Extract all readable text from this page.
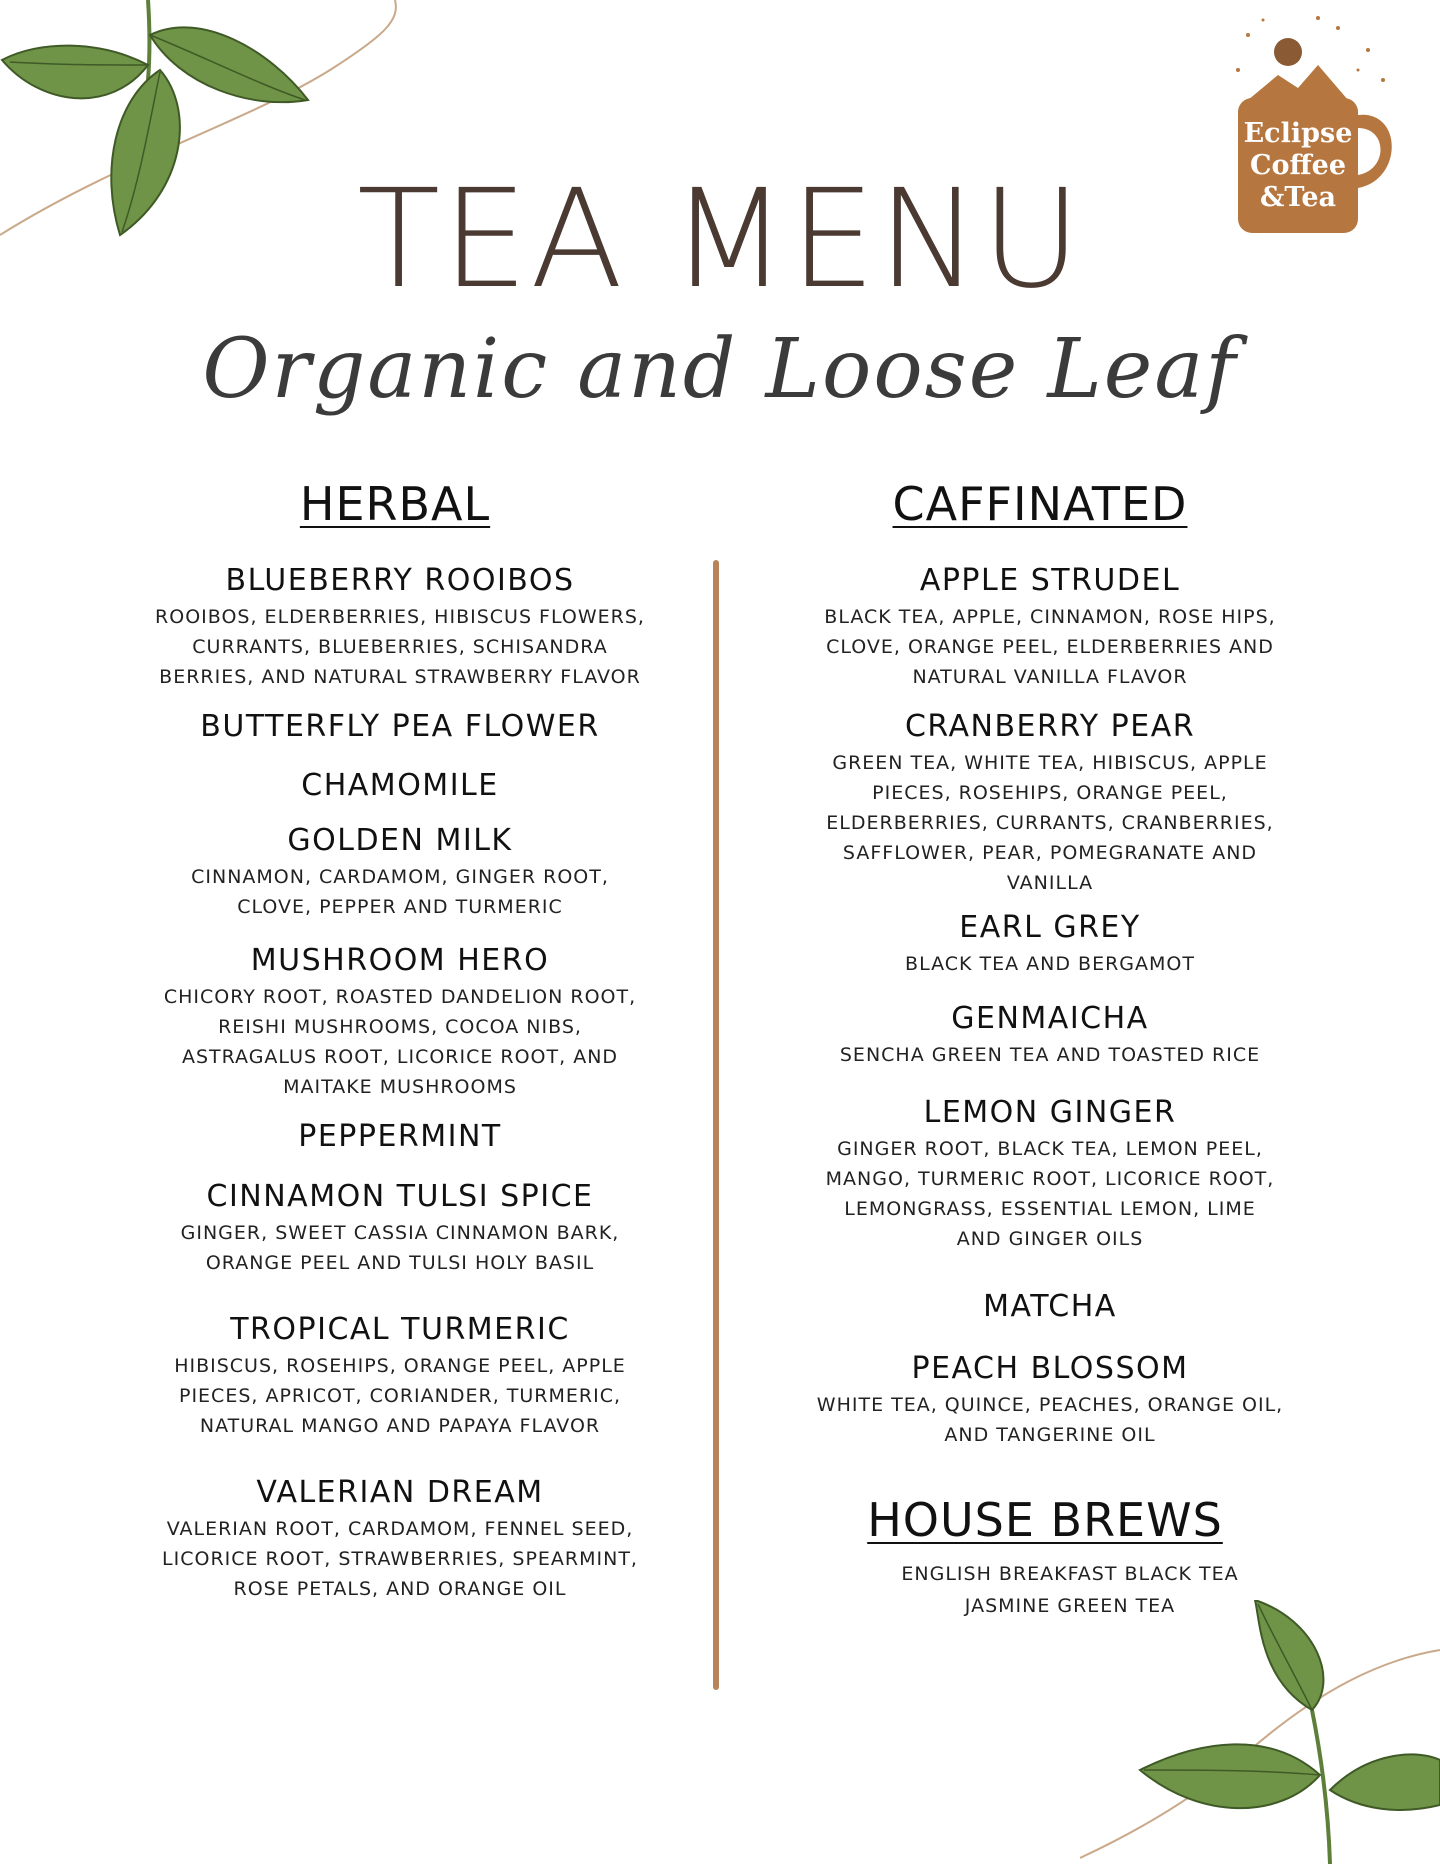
Eclipse
Coffee
&Tea
TEA MENU
Organic and Loose Leaf
HERBAL	CAFFINATED
BLUEBERRY ROOIBOS
ROOIBOS, ELDERBERRIES, HIBISCUS FLOWERS,
CURRANTS, BLUEBERRIES, SCHISANDRA
BERRIES, AND NATURAL STRAWBERRY FLAVOR
BUTTERFLY PEA FLOWER
CHAMOMILE
GOLDEN MILK
CINNAMON, CARDAMOM, GINGER ROOT,
CLOVE, PEPPER AND TURMERIC
MUSHROOM HERO
CHICORY ROOT, ROASTED DANDELION ROOT,
REISHI MUSHROOMS, COCOA NIBS,
ASTRAGALUS ROOT, LICORICE ROOT, AND
MAITAKE MUSHROOMS
PEPPERMINT
CINNAMON TULSI SPICE
GINGER, SWEET CASSIA CINNAMON BARK,
ORANGE PEEL AND TULSI HOLY BASIL
TROPICAL TURMERIC
HIBISCUS, ROSEHIPS, ORANGE PEEL, APPLE
PIECES, APRICOT, CORIANDER, TURMERIC,
NATURAL MANGO AND PAPAYA FLAVOR
VALERIAN DREAM
VALERIAN ROOT, CARDAMOM, FENNEL SEED,
LICORICE ROOT, STRAWBERRIES, SPEARMINT,
ROSE PETALS, AND ORANGE OIL
APPLE STRUDEL
BLACK TEA, APPLE, CINNAMON, ROSE HIPS,
CLOVE, ORANGE PEEL, ELDERBERRIES AND
NATURAL VANILLA FLAVOR
CRANBERRY PEAR
GREEN TEA, WHITE TEA, HIBISCUS, APPLE
PIECES, ROSEHIPS, ORANGE PEEL,
ELDERBERRIES, CURRANTS, CRANBERRIES,
SAFFLOWER, PEAR, POMEGRANATE AND
VANILLA
EARL GREY
BLACK TEA AND BERGAMOT
GENMAICHA
SENCHA GREEN TEA AND TOASTED RICE
LEMON GINGER
GINGER ROOT, BLACK TEA, LEMON PEEL,
MANGO, TURMERIC ROOT, LICORICE ROOT,
LEMONGRASS, ESSENTIAL LEMON, LIME
AND GINGER OILS
MATCHA
PEACH BLOSSOM
WHITE TEA, QUINCE, PEACHES, ORANGE OIL,
AND TANGERINE OIL
HOUSE BREWS
ENGLISH BREAKFAST BLACK TEA
JASMINE GREEN TEA
